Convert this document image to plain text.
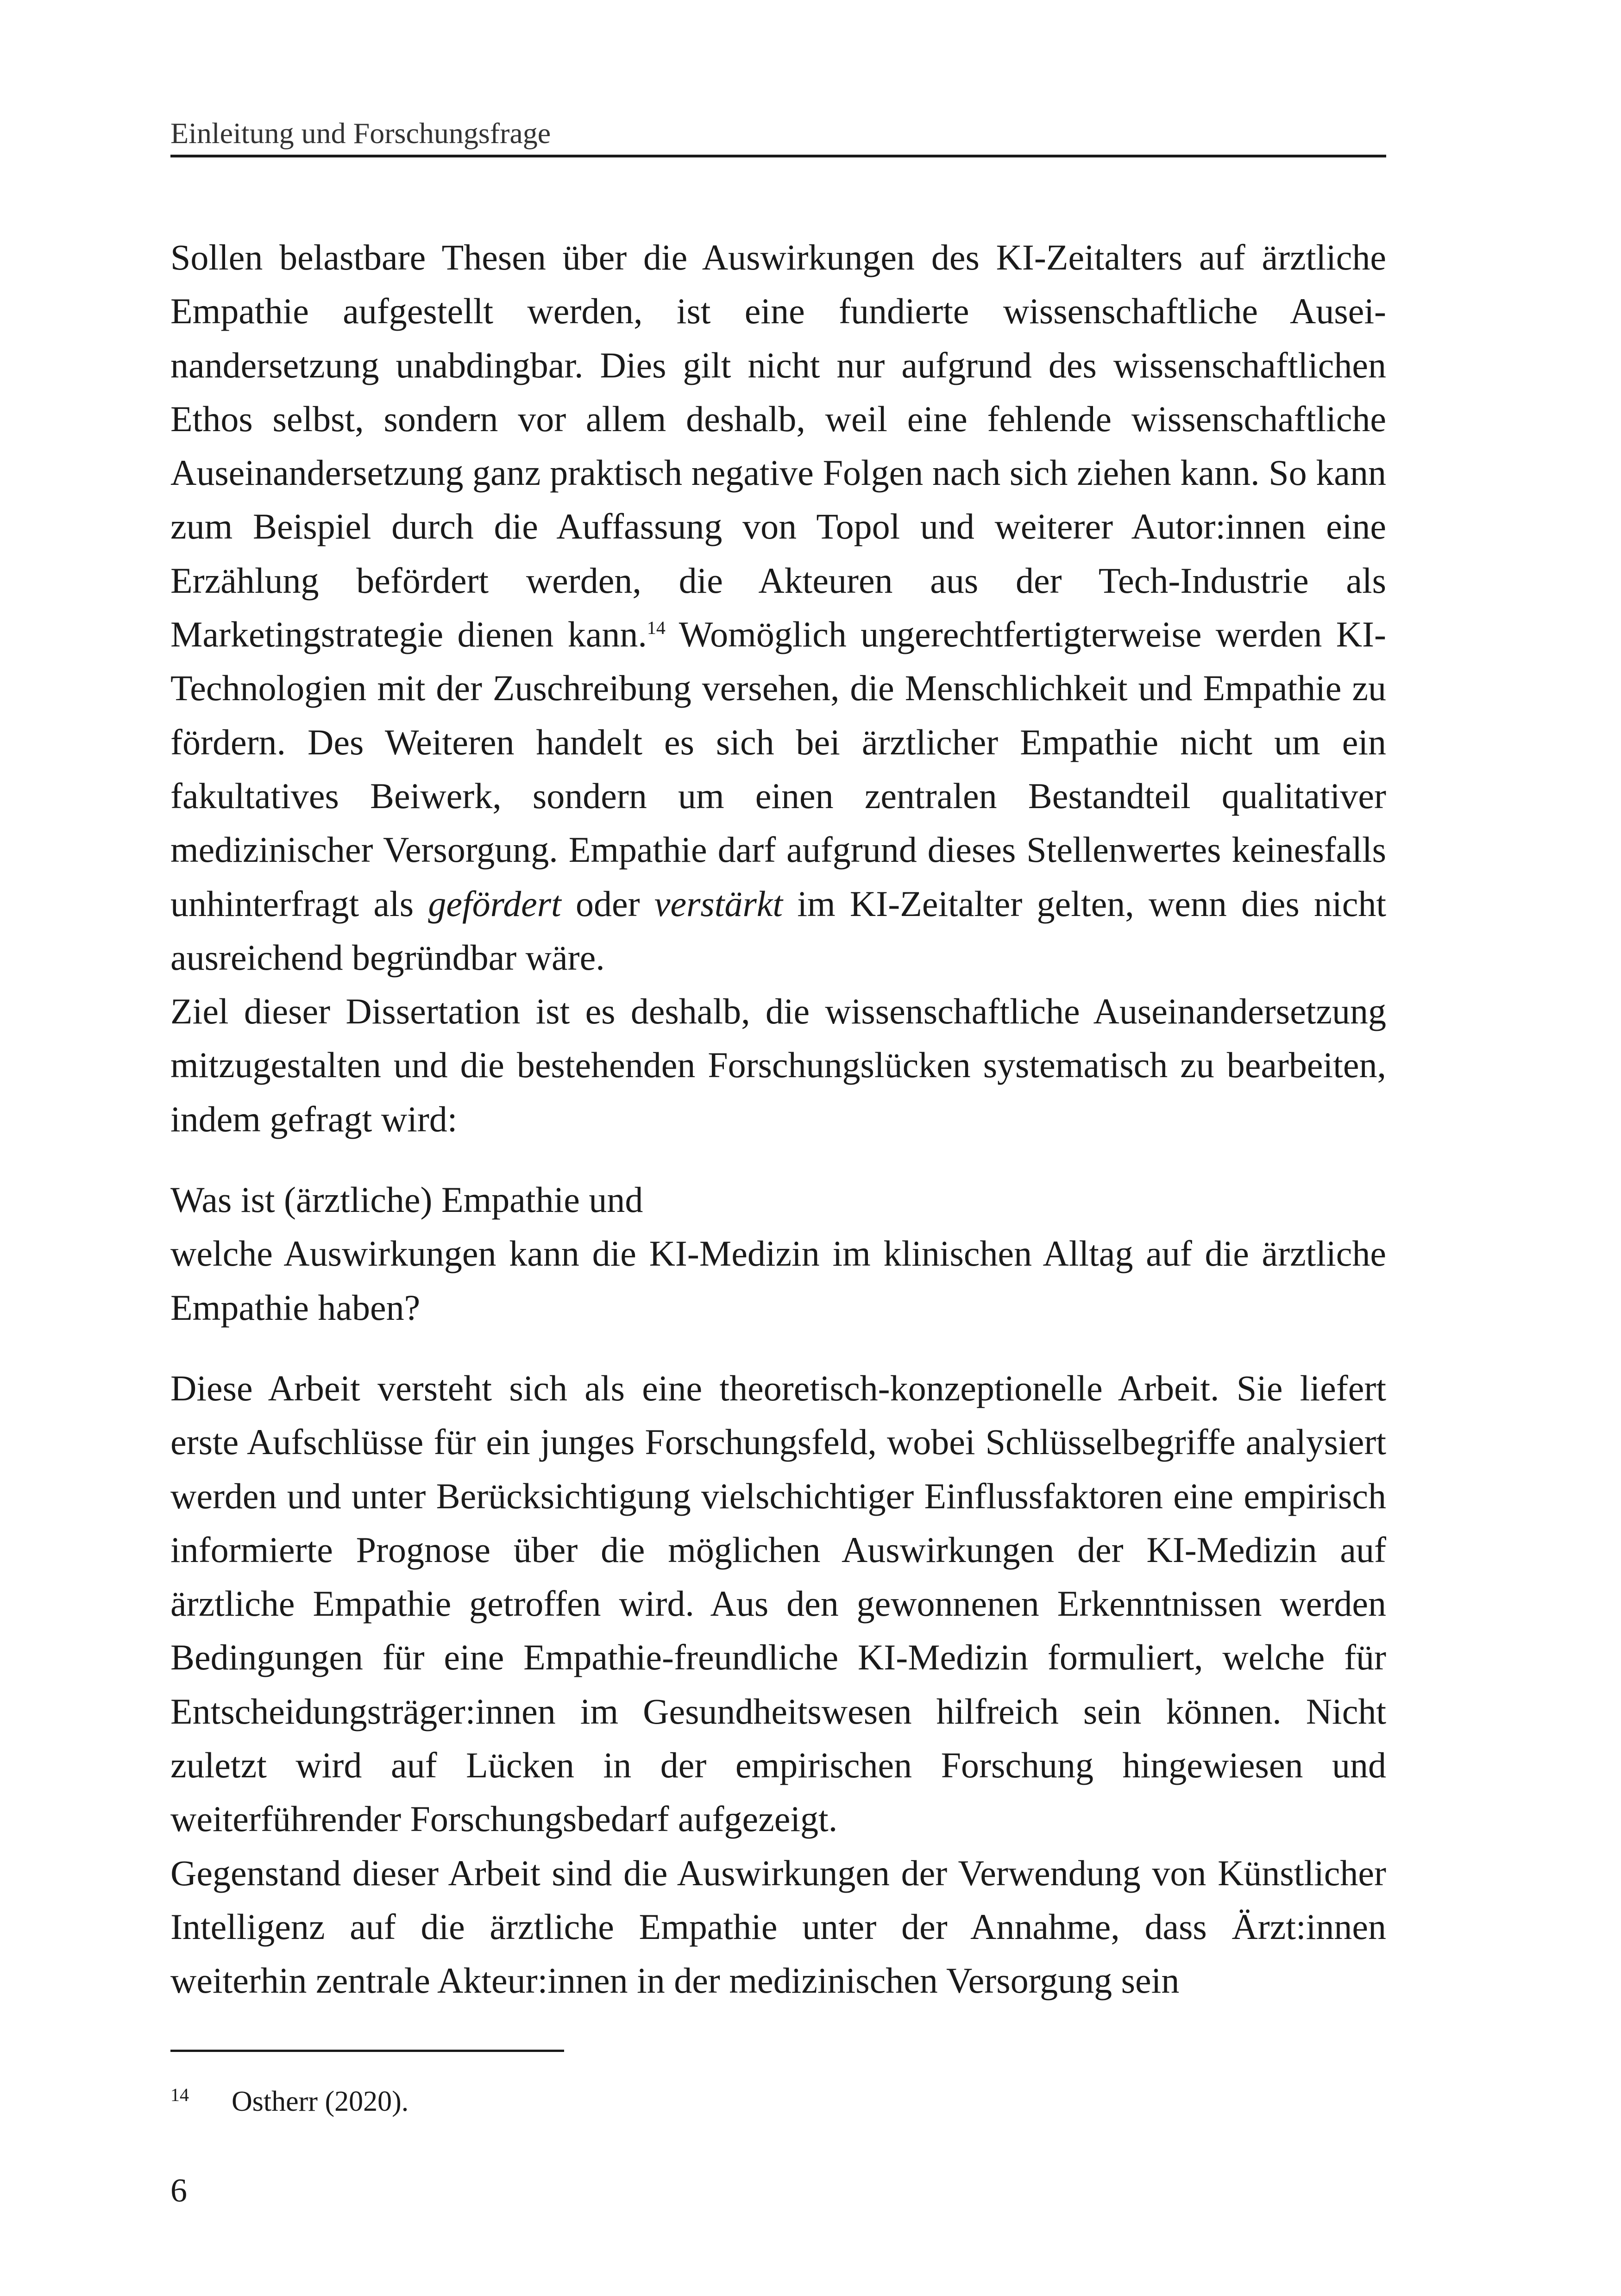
Einleitung und Forschungsfrage

Sollen belastbare Thesen über die Auswirkungen des KI-Zeitalters auf ärztliche Empathie aufgestellt werden, ist eine fundierte wissenschaftliche Auseinandersetzung unabdingbar. Dies gilt nicht nur aufgrund des wissenschaftlichen Ethos selbst, sondern vor allem deshalb, weil eine fehlende wissenschaftliche Auseinandersetzung ganz praktisch negative Folgen nach sich ziehen kann. So kann zum Beispiel durch die Auffassung von Topol und weiterer Autor:innen eine Erzählung befördert werden, die Akteuren aus der Tech-Industrie als Marketingstrategie dienen kann.$^{14}$ Womöglich ungerechtfertigterweise werden KI-Technologien mit der Zuschreibung versehen, die Menschlichkeit und Empathie zu fördern. Des Weiteren handelt es sich bei ärztlicher Empathie nicht um ein fakultatives Beiwerk, sondern um einen zentralen Bestandteil qualitativer medizinischer Versorgung. Empathie darf aufgrund dieses Stellenwertes keinesfalls unhinterfragt als gefördert oder verstärkt im KI-Zeitalter gelten, wenn dies nicht ausreichend begründbar wäre.

Ziel dieser Dissertation ist es deshalb, die wissenschaftliche Auseinandersetzung mitzugestalten und die bestehenden Forschungslücken systematisch zu bearbeiten, indem gefragt wird:

Was ist (ärztliche) Empathie und
welche Auswirkungen kann die KI-Medizin im klinischen Alltag auf die ärztliche Empathie haben?

Diese Arbeit versteht sich als eine theoretisch-konzeptionelle Arbeit. Sie liefert erste Aufschlüsse für ein junges Forschungsfeld, wobei Schlüsselbegriffe analysiert werden und unter Berücksichtigung vielschichtiger Einflussfaktoren eine empirisch informierte Prognose über die möglichen Auswirkungen der KI-Medizin auf ärztliche Empathie getroffen wird. Aus den gewonnenen Erkenntnissen werden Bedingungen für eine Empathie-freundliche KI-Medizin formuliert, welche für Entscheidungsträger:innen im Gesundheitswesen hilfreich sein können. Nicht zuletzt wird auf Lücken in der empirischen Forschung hingewiesen und weiterführender Forschungsbedarf aufgezeigt.

Gegenstand dieser Arbeit sind die Auswirkungen der Verwendung von Künstlicher Intelligenz auf die ärztliche Empathie unter der Annahme, dass Ärzt:innen weiterhin zentrale Akteur:innen in der medizinischen Versorgung sein

14 Ostherr (2020).
6
